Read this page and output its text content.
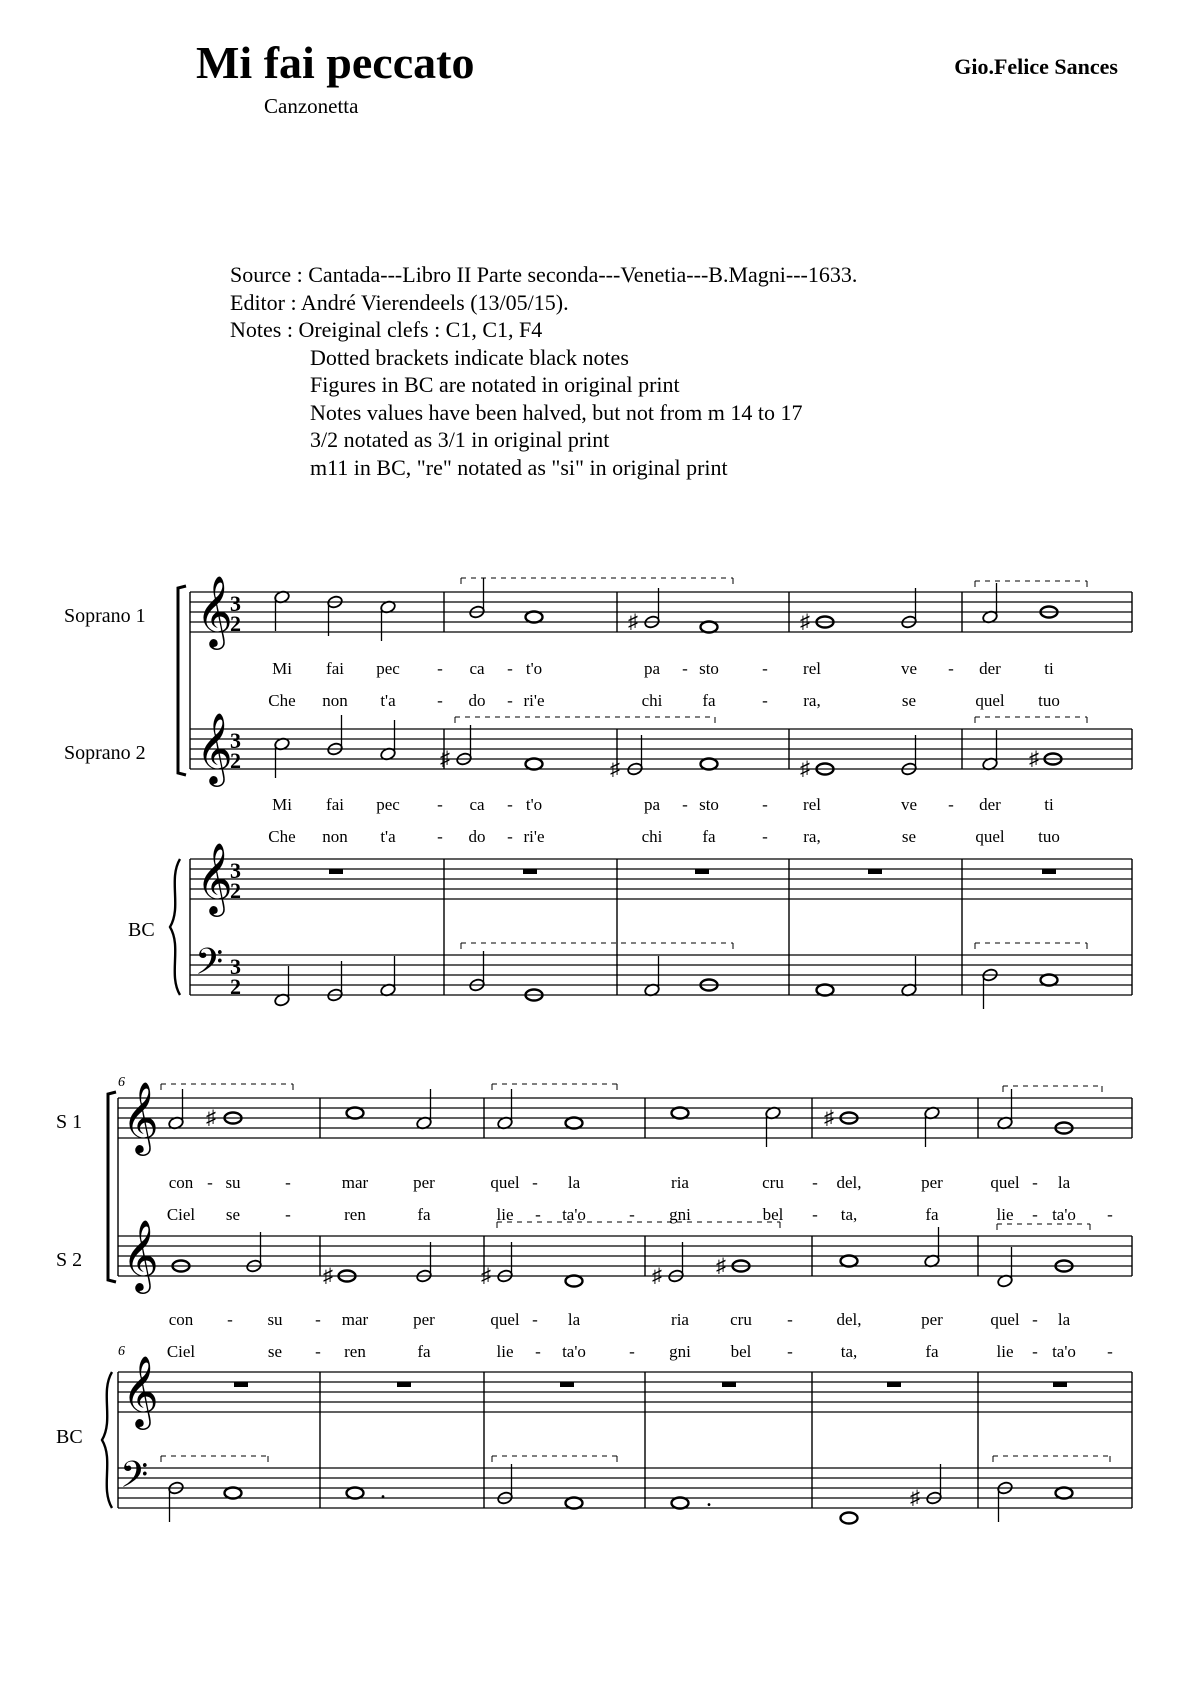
Mi fai peccato
Canzonetta
Gio.Felice Sances
Source : Cantada---Libro II Parte seconda---Venetia---B.Magni---1633.
Editor : André Vierendeels (13/05/15).
Notes : Oreiginal clefs : C1, C1, F4
Dotted brackets indicate black notes
Figures in BC are notated in original print
Notes values have been halved, but not from m 14 to 17
3/2 notated as 3/1 in original print
m11 in BC, "re" notated as "si" in original print
Soprano 1
Soprano 2
BC
S 1
S 2
BC
6
6
𝄞
𝄞
𝄞
𝄢
3
2
3
2
3
2
3
2
♯	♯
♯	♯	♯	♯
𝄞
𝄞
𝄞
𝄢
♯	♯
♯	♯	♯	♯
.	.	♯
Mi fai pec - ca - t'o	pa - sto	- rel	ve - der	ti
Che non t'a - do - ri'e	chi fa	- ra,	se	quel tuo
Mi fai pec - ca - t'o	pa - sto	- rel	ve - der	ti
Che non t'a - do - ri'e	chi fa	- ra,	se	quel tuo
con - su	-	mar	per	quel - la	ria	cru - del,	per	quel - la
Ciel se	-	ren	fa	lie - ta'o	- gni	bel - ta,	fa	lie - ta'o -
con - su - mar	per	quel - la	ria cru -	del,	per	quel - la
Ciel	se - ren	fa	lie - ta'o	- gni bel -	ta,	fa	lie - ta'o -
